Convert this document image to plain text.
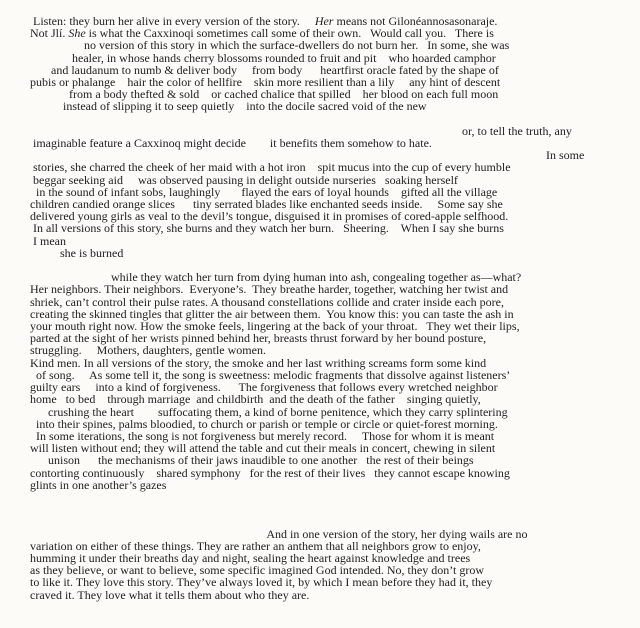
Listen: they burn her alive in every version of the story.     Her means not Gilonéannosasonaraje.
Not Jlí. She is what the Caxxinoqi sometimes call some of their own.   Would call you.   There is
no version of this story in which the surface-dwellers do not burn her.   In some, she was
healer, in whose hands cherry blossoms rounded to fruit and pit    who hoarded camphor
and laudanum to numb & deliver body     from body      heartfirst oracle fated by the shape of
pubis or phalange    hair the color of hellfire    skin more resilient than a lily     any hint of descent
from a body thefted & sold    or cached chalice that spilled    her blood on each full moon
instead of slipping it to seep quietly    into the docile sacred void of the new

or, to tell the truth, any
imaginable feature a Caxxinoq might decide        it benefits them somehow to hate.
In some
stories, she charred the cheek of her maid with a hot iron    spit mucus into the cup of every humble
beggar seeking aid     was observed pausing in delight outside nurseries   soaking herself
in the sound of infant sobs, laughingly       flayed the ears of loyal hounds    gifted all the village
children candied orange slices      tiny serrated blades like enchanted seeds inside.     Some say she
delivered young girls as veal to the devil’s tongue, disguised it in promises of cored-apple selfhood.
In all versions of this story, she burns and they watch her burn.   Sheering.    When I say she burns
I mean
she is burned

while they watch her turn from dying human into ash, congealing together as—what?
Her neighbors. Their neighbors.  Everyone’s.  They breathe harder, together, watching her twist and
shriek, can’t control their pulse rates. A thousand constellations collide and crater inside each pore,
creating the skinned tingles that glitter the air between them.  You know this: you can taste the ash in
your mouth right now. How the smoke feels, lingering at the back of your throat.   They wet their lips,
parted at the sight of her wrists pinned behind her, breasts thrust forward by her bound posture,
struggling.     Mothers, daughters, gentle women.
Kind men. In all versions of the story, the smoke and her last writhing screams form some kind
of song.     As some tell it, the song is sweetness: melodic fragments that dissolve against listeners’
guilty ears     into a kind of forgiveness.      The forgiveness that follows every wretched neighbor
home   to bed    through marriage  and childbirth  and the death of the father    singing quietly,
crushing the heart        suffocating them, a kind of borne penitence, which they carry splintering
into their spines, palms bloodied, to church or parish or temple or circle or quiet-forest morning.
In some iterations, the song is not forgiveness but merely record.     Those for whom it is meant
will listen without end; they will attend the table and cut their meals in concert, chewing in silent
unison      the mechanisms of their jaws inaudible to one another   the rest of their beings
contorting continuously    shared symphony   for the rest of their lives   they cannot escape knowing
glints in one another’s gazes

And in one version of the story, her dying wails are no
variation on either of these things. They are rather an anthem that all neighbors grow to enjoy,
humming it under their breaths day and night, sealing the heart against knowledge and trees
as they believe, or want to believe, some specific imagined God intended. No, they don’t grow
to like it. They love this story. They’ve always loved it, by which I mean before they had it, they
craved it. They love what it tells them about who they are.
